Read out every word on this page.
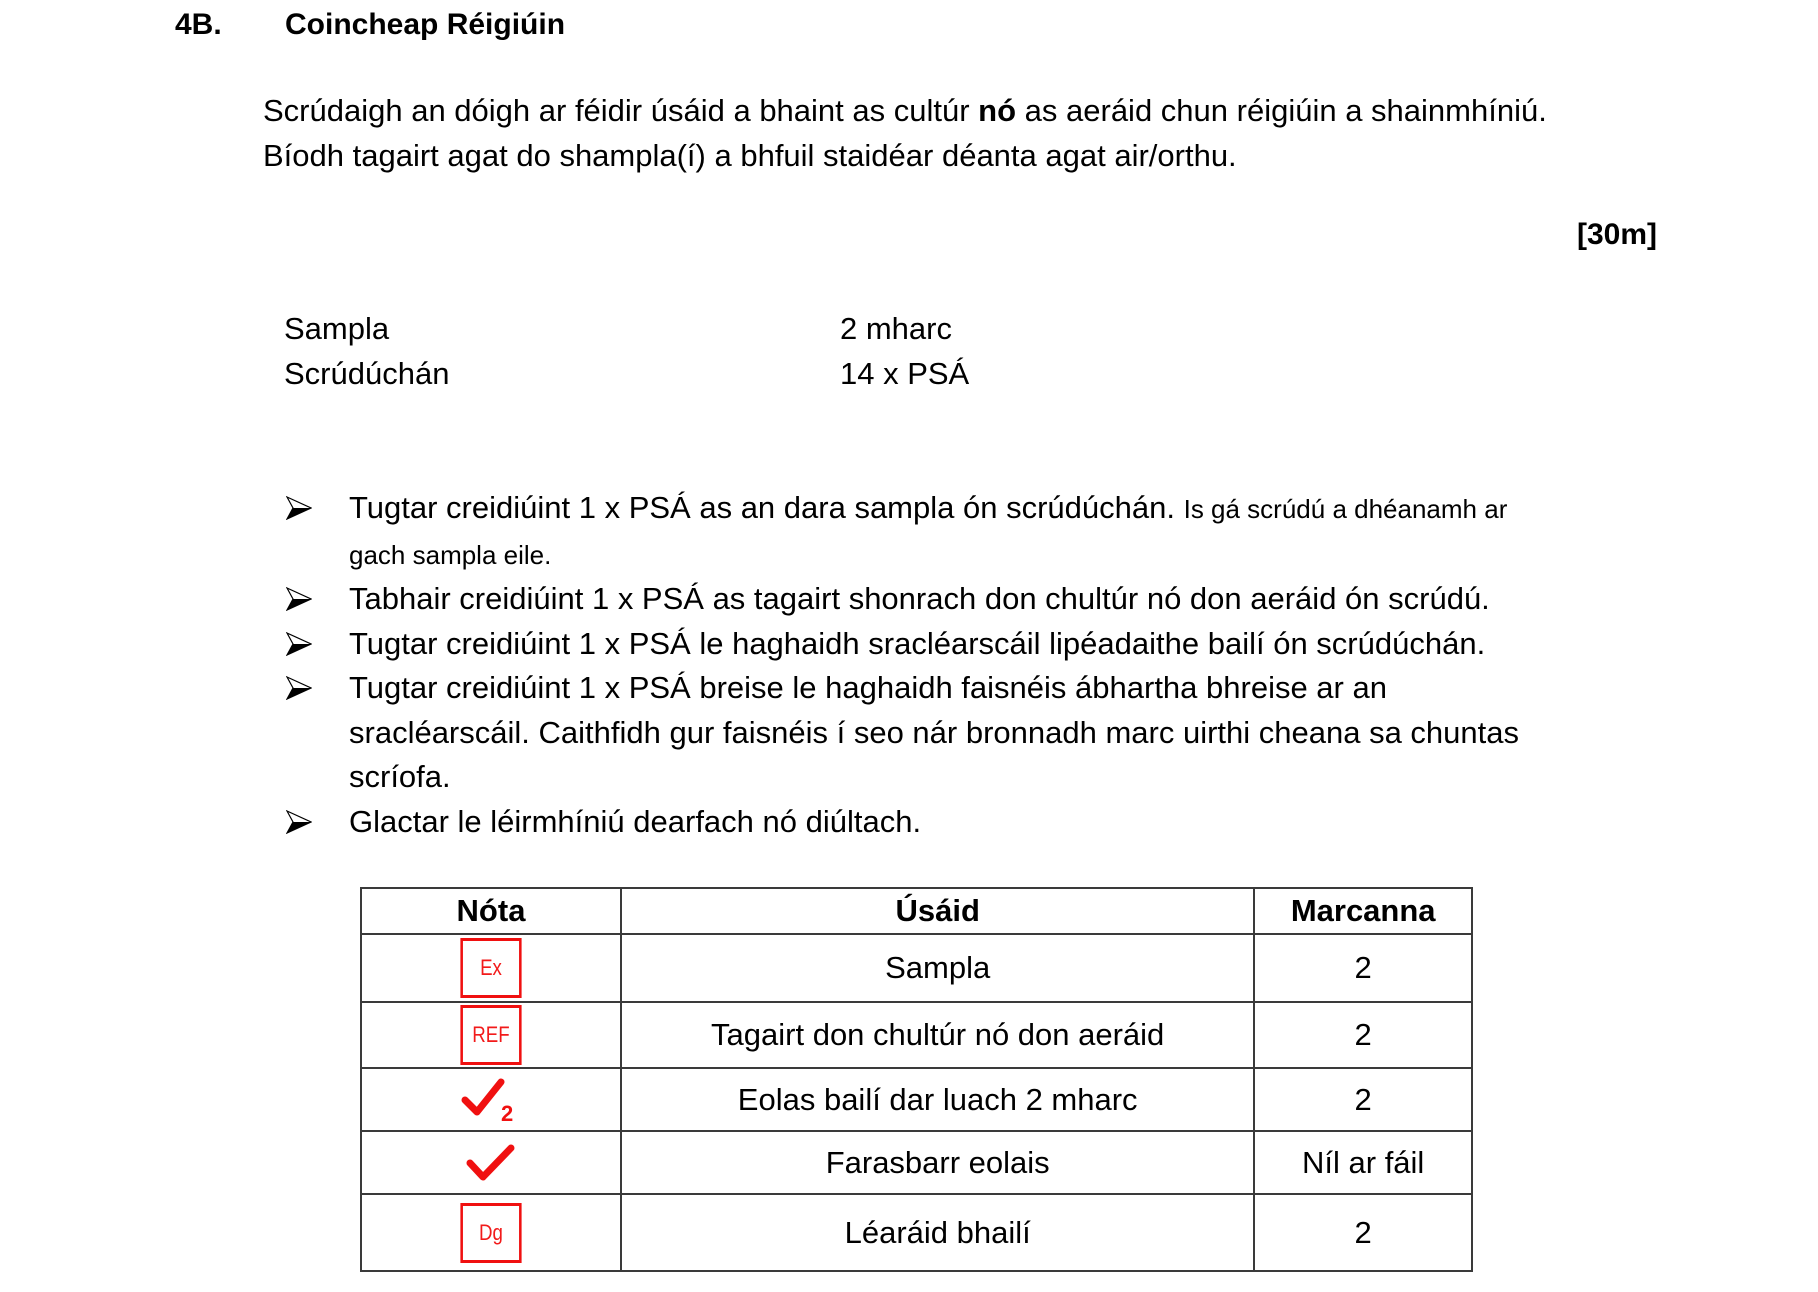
4B. Coincheap Réigiúin
Scrúdaigh an dóigh ar féidir úsáid a bhaint as cultúr nó as aeráid chun réigiúin a shainmhíniú.
Bíodh tagairt agat do shampla(í) a bhfuil staidéar déanta agat air/orthu.
[30m]
Sampla	2 mharc
Scrúdúchán	14 x PSÁ
Tugtar creidiúint 1 x PSÁ as an dara sampla ón scrúdúchán. Is gá scrúdú a dhéanamh ar
gach sampla eile.
Tabhair creidiúint 1 x PSÁ as tagairt shonrach don chultúr nó don aeráid ón scrúdú.
Tugtar creidiúint 1 x PSÁ le haghaidh sracléarscáil lipéadaithe bailí ón scrúdúchán.
Tugtar creidiúint 1 x PSÁ breise le haghaidh faisnéis ábhartha bhreise ar an
sracléarscáil. Caithfidh gur faisnéis í seo nár bronnadh marc uirthi cheana sa chuntas
scríofa.
Glactar le léirmhíniú dearfach nó diúltach.
Nóta	Úsáid	Marcanna
Ex	Sampla	2
REF	Tagairt don chultúr nó don aeráid	2

2	Eolas bailí dar luach 2 mharc	2
	Farasbarr eolais	Níl ar fáil
Dg	Léaráid bhailí	2
